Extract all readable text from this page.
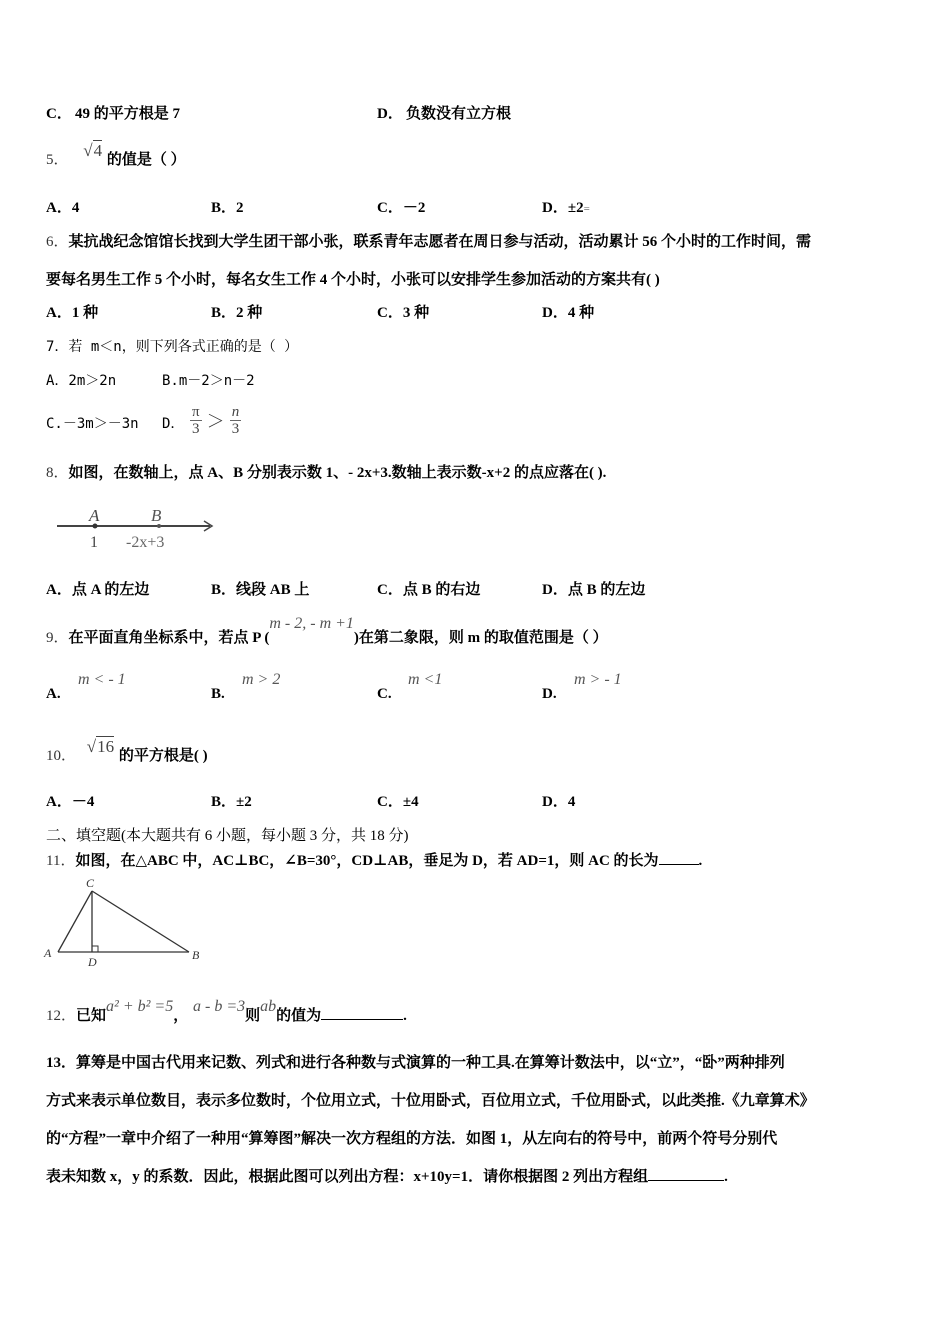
C． 49 的平方根是 7	D． 负数没有立方根
5． √4 的值是（ ）
A．4	B．2	C．－2	D．±2=
6．某抗战纪念馆馆长找到大学生团干部小张，联系青年志愿者在周日参与活动，活动累计 56 个小时的工作时间，需
要每名男生工作 5 个小时，每名女生工作 4 个小时，小张可以安排学生参加活动的方案共有( )
A．1 种	B．2 种	C．3 种	D．4 种
7．若 m＜n，则下列各式正确的是（ ）
A．2m＞2n	B.m－2＞n－2
C.－3m＞－3n D． $\frac{\pi}{3} > \frac{n}{3}$
8．如图，在数轴上，点 A、B 分别表示数 1、- 2x+3.数轴上表示数-x+2 的点应落在( ).
A	B
1 -2x+3
A．点 A 的左边	B．线段 AB 上	C．点 B 的右边	D．点 B 的左边
9．在平面直角坐标系中，若点 P (m - 2, - m +1)在第二象限，则 m 的取值范围是（ ）
A.
m < - 1
B.
m > 2
C.
m <1
D.
m > - 1
10． √16 的平方根是( )
A．－4	B．±2	C．±4	D．4
二、填空题(本大题共有 6 小题，每小题 3 分，共 18 分)
11．如图，在△ABC 中，AC⊥BC，∠B=30°，CD⊥AB，垂足为 D，若 AD=1，则 AC 的长为	.
C
A
D	B
12．已知a² + b² =5， a - b =3则ab的值为	.
13．算筹是中国古代用来记数、列式和进行各种数与式演算的一种工具.在算筹计数法中，以“立”，“卧”两种排列
方式来表示单位数目，表示多位数时，个位用立式，十位用卧式，百位用立式，千位用卧式，以此类推.《九章算术》
的“方程”一章中介绍了一种用“算筹图”解决一次方程组的方法．如图 1，从左向右的符号中，前两个符号分别代
表未知数 x，y 的系数．因此，根据此图可以列出方程：x+10y=1．请你根据图 2 列出方程组	.
